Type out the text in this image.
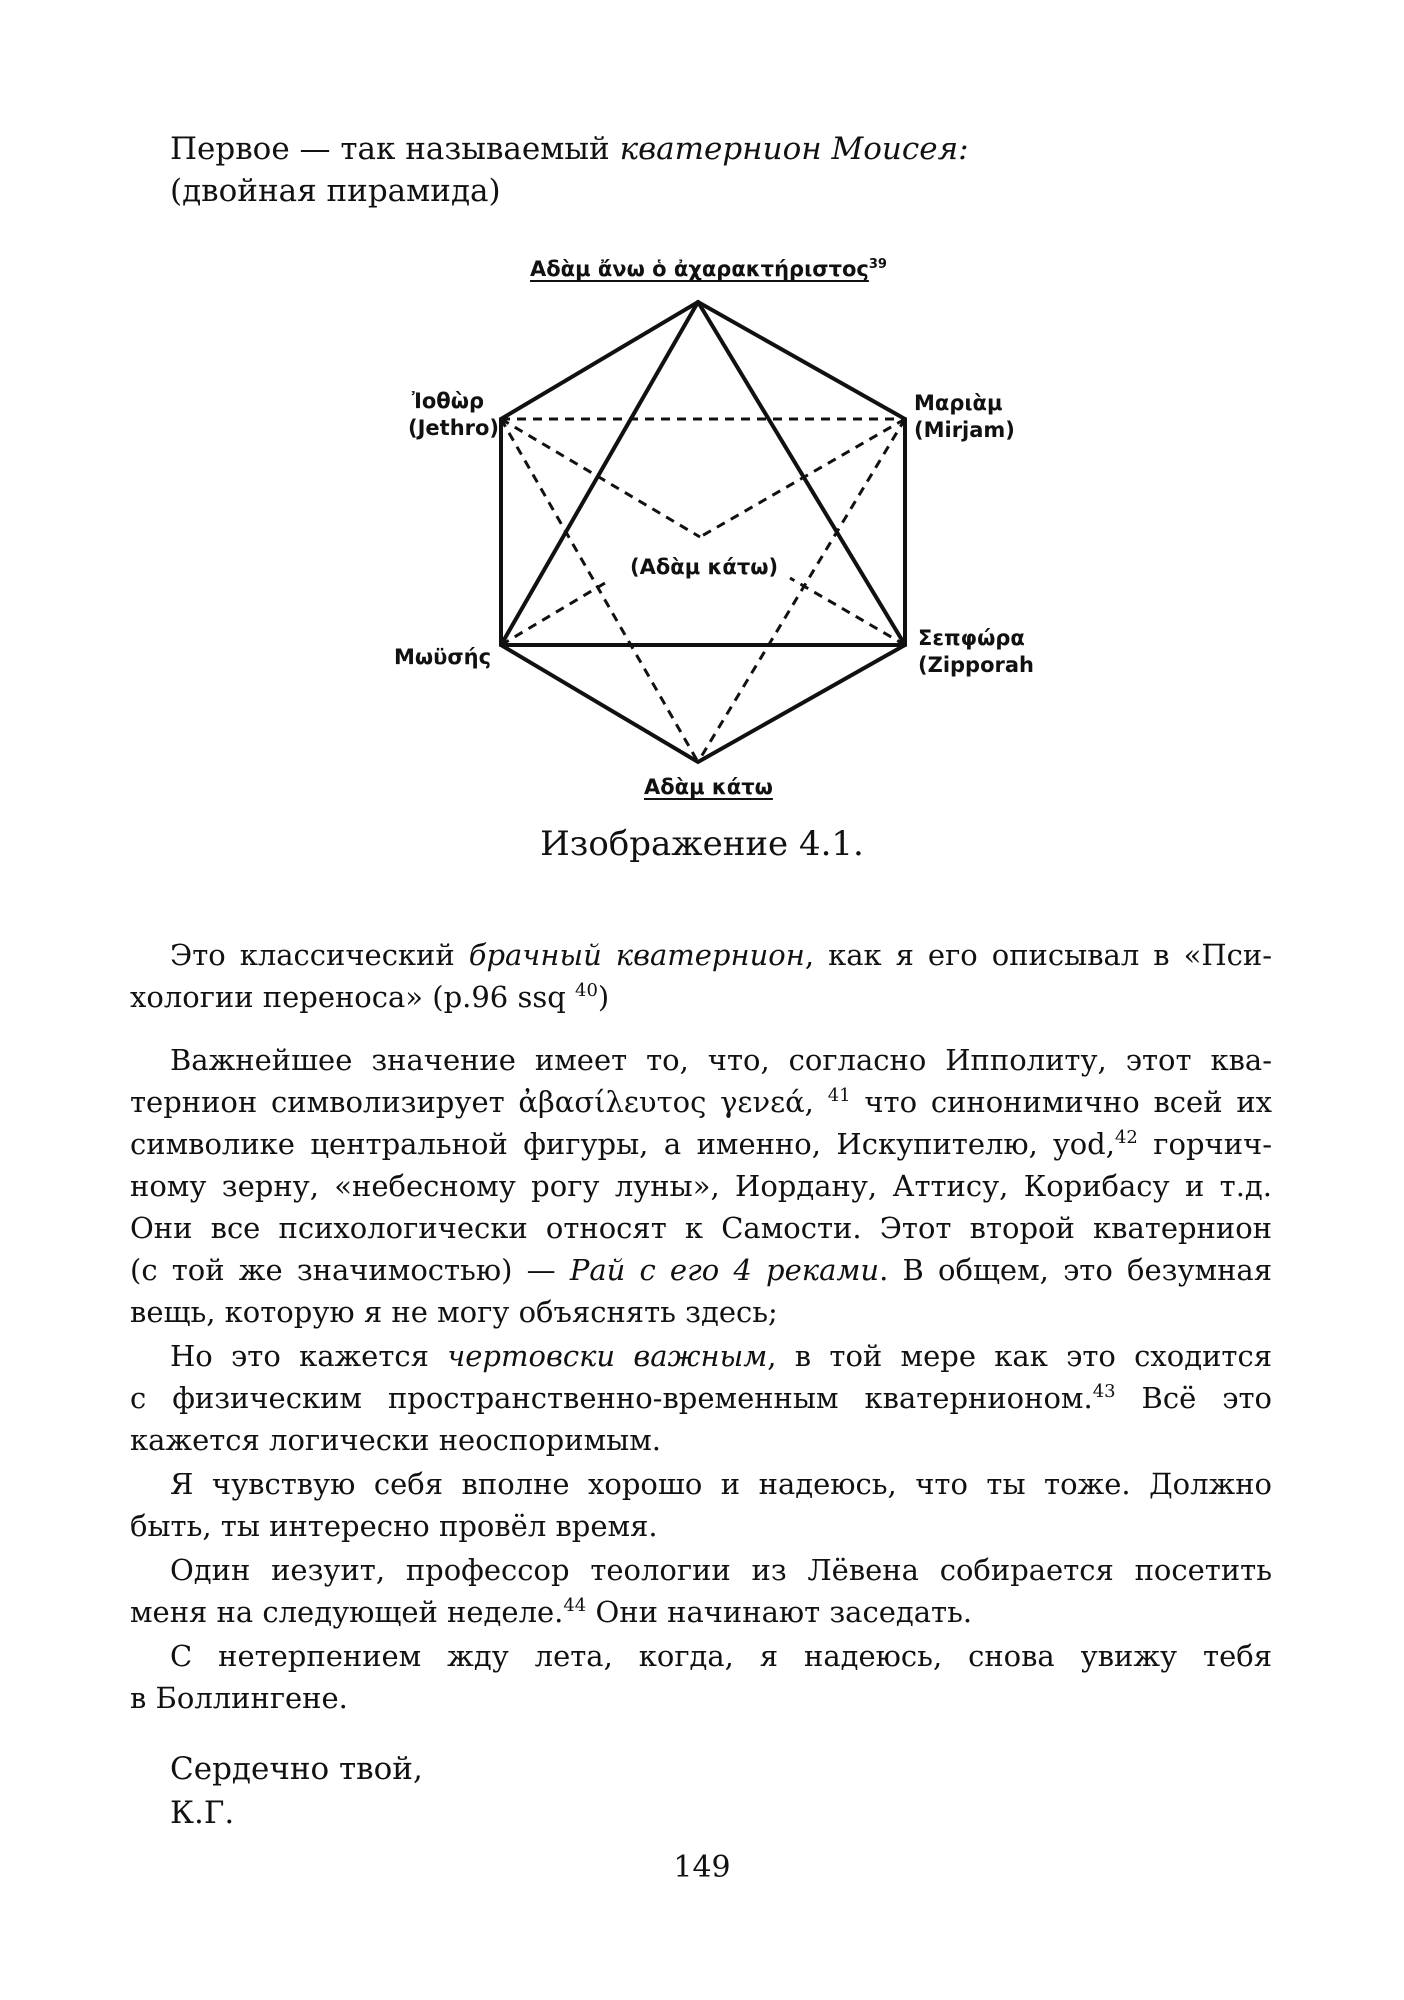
Первое — так называемый кватернион Моисея:
(двойная пирамида)
Αδὰμ ἄνω ὁ ἀχαρακτήριστος$^{39}$
Ἰοθὼρ
(Jethro)
Μαριὰμ
(Mirjam)
(Αδὰμ κάτω)
Μωϋσής
Σεπφώρα
(Zipporah
Αδὰμ κάτω
Изображение 4.1.
Это классический брачный кватернион, как я его описывал в «Пси-
хологии переноса» (p.96 ssq $^{40}$)
Важнейшее значение имеет то, что, согласно Ипполиту, этот ква-
тернион символизирует ἀβασίλευτος γενεά, $^{41}$ что синонимично всей их
символике центральной фигуры, а именно, Искупителю, yod,$^{42}$ горчич-
ному зерну, «небесному рогу луны», Иордану, Аттису, Корибасу и т.д.
Они все психологически относят к Самости. Этот второй кватернион
(с той же значимостью) — Рай с его 4 реками. В общем, это безумная
вещь, которую я не могу объяснять здесь;
Но это кажется чертовски важным, в той мере как это сходится
с физическим пространственно-временным кватернионом.$^{43}$ Всё это
кажется логически неоспоримым.
Я чувствую себя вполне хорошо и надеюсь, что ты тоже. Должно
быть, ты интересно провёл время.
Один иезуит, профессор теологии из Лёвена собирается посетить
меня на следующей неделе.$^{44}$ Они начинают заседать.
С нетерпением жду лета, когда, я надеюсь, снова увижу тебя
в Боллингене.
Сердечно твой,
К.Г.
149
